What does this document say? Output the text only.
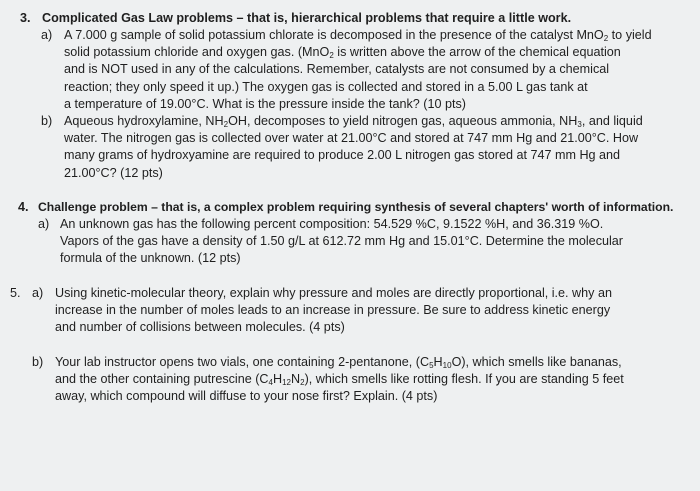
3. Complicated Gas Law problems – that is, hierarchical problems that require a little work.
a) A 7.000 g sample of solid potassium chlorate is decomposed in the presence of the catalyst MnO$_2$ to yield
solid potassium chloride and oxygen gas. (MnO$_2$ is written above the arrow of the chemical equation
and is NOT used in any of the calculations. Remember, catalysts are not consumed by a chemical
reaction; they only speed it up.) The oxygen gas is collected and stored in a 5.00 L gas tank at
a temperature of 19.00°C. What is the pressure inside the tank? (10 pts)
b) Aqueous hydroxylamine, $NH_2OH$, decomposes to yield nitrogen gas, aqueous ammonia, $NH_3$, and liquid
water. The nitrogen gas is collected over water at 21.00°C and stored at 747 mm Hg and 21.00°C. How
many grams of hydroxyamine are required to produce 2.00 L nitrogen gas stored at 747 mm Hg and
21.00°C? (12 pts)
4. Challenge problem – that is, a complex problem requiring synthesis of several chapters' worth of information.
a) An unknown gas has the following percent composition: 54.529 %C, 9.1522 %H, and 36.319 %O.
Vapors of the gas have a density of 1.50 g/L at 612.72 mm Hg and 15.01°C. Determine the molecular
formula of the unknown. (12 pts)
5. a) Using kinetic-molecular theory, explain why pressure and moles are directly proportional, i.e. why an
increase in the number of moles leads to an increase in pressure. Be sure to address kinetic energy
and number of collisions between molecules. (4 pts)
b) Your lab instructor opens two vials, one containing 2-pentanone, $(C_5H_{10}O)$, which smells like bananas,
and the other containing putrescine $(C_4H_{12}N_2)$, which smells like rotting flesh. If you are standing 5 feet
away, which compound will diffuse to your nose first? Explain. (4 pts)
